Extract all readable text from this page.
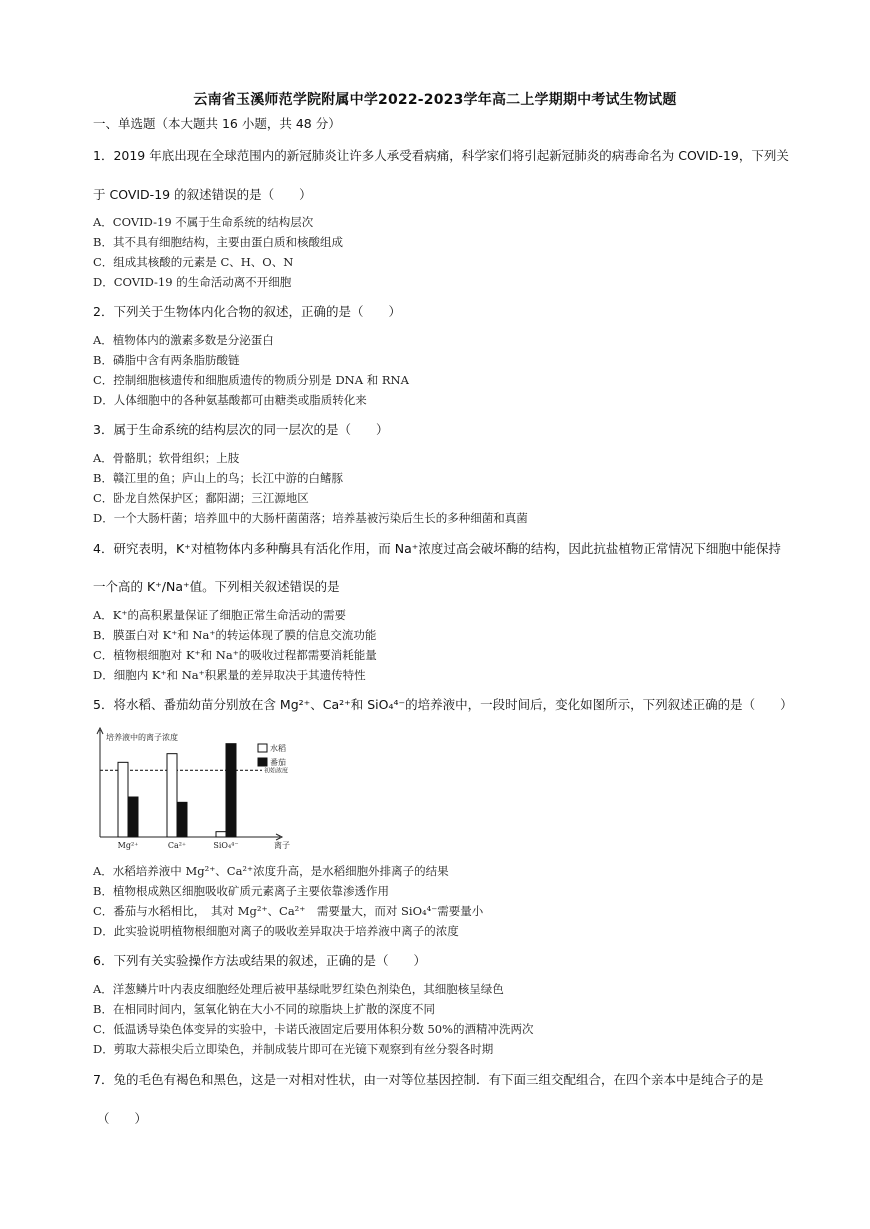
云南省玉溪师范学院附属中学2022-2023学年高二上学期期中考试生物试题
一、单选题（本大题共 16 小题，共 48 分）
1．2019 年底出现在全球范围内的新冠肺炎让许多人承受看病痛，科学家们将引起新冠肺炎的病毒命名为 COVID-19，下列关
于 COVID-19 的叙述错误的是（　　）
A．COVID-19 不属于生命系统的结构层次
B．其不具有细胞结构，主要由蛋白质和核酸组成
C．组成其核酸的元素是 C、H、O、N
D．COVID-19 的生命活动离不开细胞
2．下列关于生物体内化合物的叙述，正确的是（　　）
A．植物体内的激素多数是分泌蛋白
B．磷脂中含有两条脂肪酸链
C．控制细胞核遗传和细胞质遗传的物质分别是 DNA 和 RNA
D．人体细胞中的各种氨基酸都可由糖类或脂质转化来
3．属于生命系统的结构层次的同一层次的是（　　）
A．骨骼肌；软骨组织；上肢
B．赣江里的鱼；庐山上的鸟；长江中游的白鳍豚
C．卧龙自然保护区；鄱阳湖；三江源地区
D．一个大肠杆菌；培养皿中的大肠杆菌菌落；培养基被污染后生长的多种细菌和真菌
4．研究表明，K⁺对植物体内多种酶具有活化作用，而 Na⁺浓度过高会破坏酶的结构，因此抗盐植物正常情况下细胞中能保持
一个高的 K⁺/Na⁺值。下列相关叙述错误的是
A．K⁺的高积累量保证了细胞正常生命活动的需要
B．膜蛋白对 K⁺和 Na⁺的转运体现了膜的信息交流功能
C．植物根细胞对 K⁺和 Na⁺的吸收过程都需要消耗能量
D．细胞内 K⁺和 Na⁺积累量的差异取决于其遗传特性
5．将水稻、番茄幼苗分别放在含 Mg²⁺、Ca²⁺和 SiO₄⁴⁻的培养液中，一段时间后，变化如图所示，下列叙述正确的是（　　）
培养液中的离子浓度
离子
Mg²⁺	Ca²⁺	SiO₄⁴⁻
初始浓度
水稻
番茄
A．水稻培养液中 Mg²⁺、Ca²⁺浓度升高，是水稻细胞外排离子的结果
B．植物根成熟区细胞吸收矿质元素离子主要依靠渗透作用
C．番茄与水稻相比，　其对 Mg²⁺、Ca²⁺　需要量大，而对 SiO₄⁴⁻需要量小
D．此实验说明植物根细胞对离子的吸收差异取决于培养液中离子的浓度
6．下列有关实验操作方法或结果的叙述，正确的是（　　）
A．洋葱鳞片叶内表皮细胞经处理后被甲基绿吡罗红染色剂染色，其细胞核呈绿色
B．在相同时间内，氢氧化钠在大小不同的琼脂块上扩散的深度不同
C．低温诱导染色体变异的实验中，卡诺氏液固定后要用体积分数 50%的酒精冲洗两次
D．剪取大蒜根尖后立即染色，并制成装片即可在光镜下观察到有丝分裂各时期
7．兔的毛色有褐色和黑色，这是一对相对性状，由一对等位基因控制．有下面三组交配组合，在四个亲本中是纯合子的是
（　　）
